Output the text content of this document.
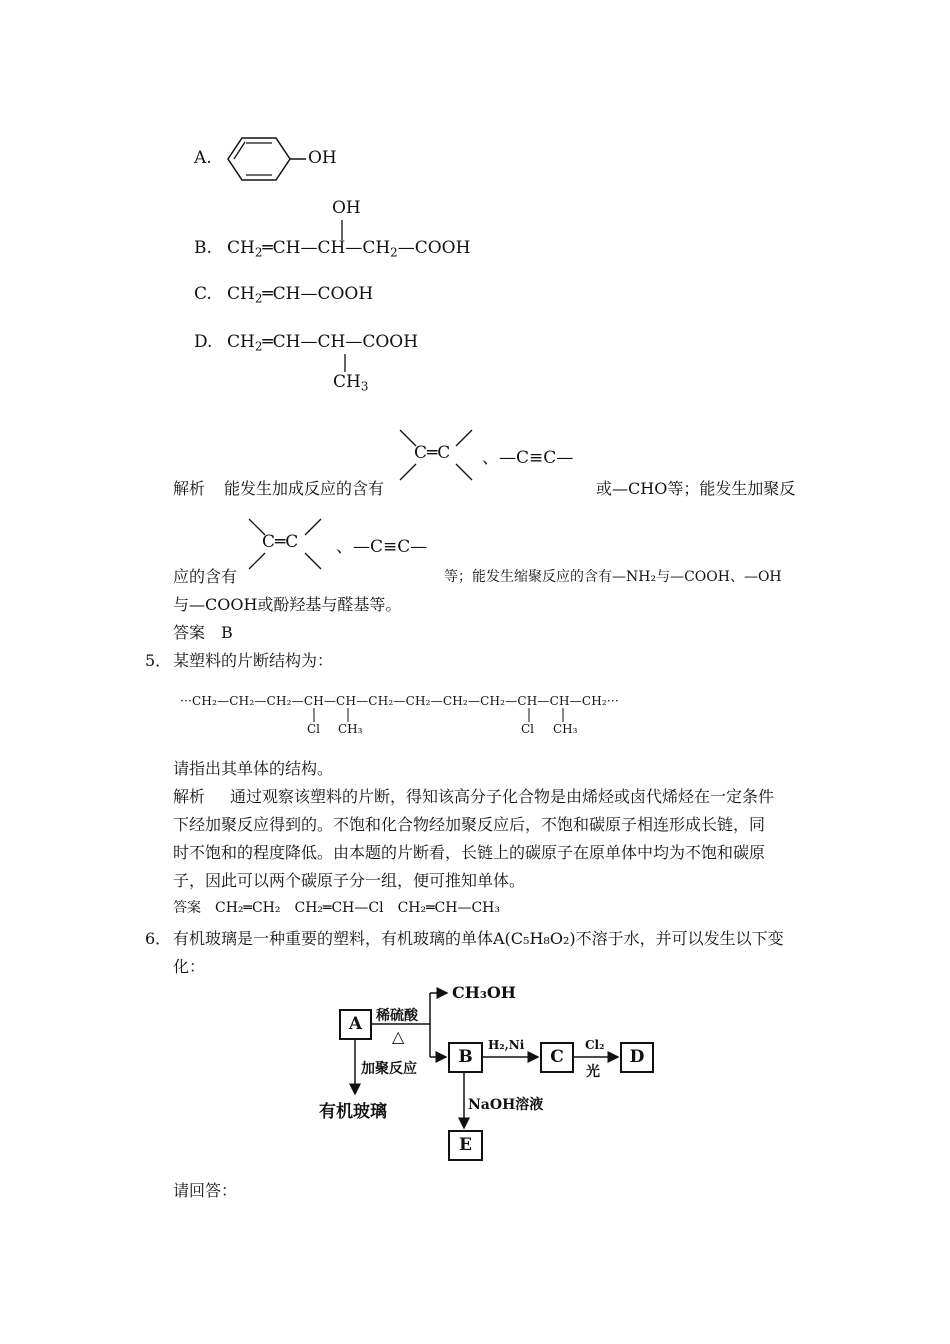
A.	OH
OH
B. $CH_2═CH—CH—CH_2—COOH$
C. $CH_2═CH—COOH$
D. $CH_2═CH—CH—COOH$
$CH_3$
C═C 、—C≡C—
解析 能发生加成反应的含有	或—CHO等；能发生加聚反
C═C 、—C≡C—
应的含有	等；能发生缩聚反应的含有—NH₂与—COOH、—OH
与—COOH或酚羟基与醛基等。
答案　B
5． 某塑料的片断结构为：
···CH₂—CH₂—CH₂—CH—CH—CH₂—CH₂—CH₂—CH₂—CH—CH—CH₂···
Cl CH₃	Cl CH₃
请指出其单体的结构。
解析 通过观察该塑料的片断，得知该高分子化合物是由烯烃或卤代烯烃在一定条件
下经加聚反应得到的。不饱和化合物经加聚反应后，不饱和碳原子相连形成长链，同
时不饱和的程度降低。由本题的片断看，长链上的碳原子在原单体中均为不饱和碳原
子，因此可以两个碳原子分一组，便可推知单体。
答案　CH₂═CH₂　CH₂═CH—Cl　CH₂═CH—CH₃
6． 有机玻璃是一种重要的塑料，有机玻璃的单体A(C₅H₈O₂)不溶于水，并可以发生以下变
化：
A
B	C	D
E
稀硫酸
△
CH₃OH
H₂,Ni	Cl₂
光
NaOH溶液
加聚反应
有机玻璃
请回答：
